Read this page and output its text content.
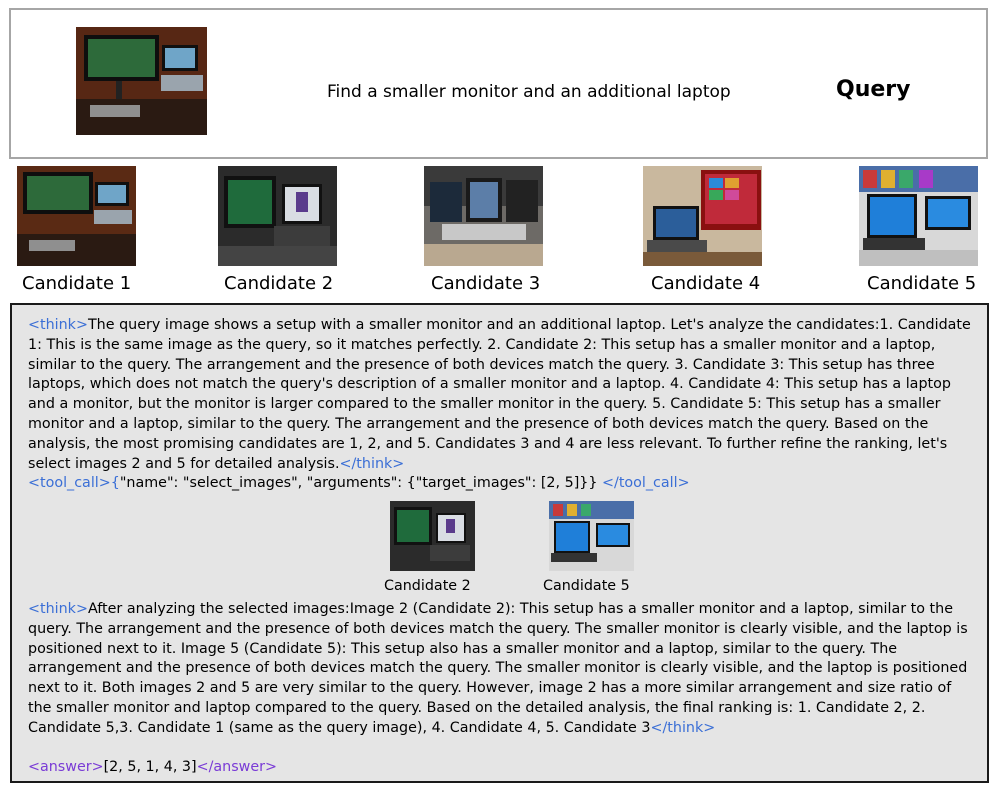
Find a smaller monitor and an additional laptop	Query
Candidate 1	Candidate 2	Candidate 3	Candidate 4	Candidate 5

<think>The query image shows a setup with a smaller monitor and an additional laptop. Let's analyze the candidates:1. Candidate 1: This is the same image as the query, so it matches perfectly. 2. Candidate 2: This setup has a smaller monitor and a laptop, similar to the query. The arrangement and the presence of both devices match the query. 3. Candidate 3: This setup has three laptops, which does not match the query's description of a smaller monitor and a laptop. 4. Candidate 4: This setup has a laptop and a monitor, but the monitor is larger compared to the smaller monitor in the query. 5. Candidate 5: This setup has a smaller monitor and a laptop, similar to the query. The arrangement and the presence of both devices match the query. Based on the analysis, the most promising candidates are 1, 2, and 5. Candidates 3 and 4 are less relevant. To further refine the ranking, let's select images 2 and 5 for detailed analysis.</think>

<tool_call>{"name": "select_images", "arguments": {"target_images": [2, 5]}} </tool_call>

Candidate 2	Candidate 5

<think>After analyzing the selected images:Image 2 (Candidate 2): This setup has a smaller monitor and a laptop, similar to the query. The arrangement and the presence of both devices match the query. The smaller monitor is clearly visible, and the laptop is positioned next to it. Image 5 (Candidate 5): This setup also has a smaller monitor and a laptop, similar to the query. The arrangement and the presence of both devices match the query. The smaller monitor is clearly visible, and the laptop is positioned next to it. Both images 2 and 5 are very similar to the query. However, image 2 has a more similar arrangement and size ratio of the smaller monitor and laptop compared to the query. Based on the detailed analysis, the final ranking is: 1. Candidate 2, 2. Candidate 5,3. Candidate 1 (same as the query image), 4. Candidate 4, 5. Candidate 3</think>

<answer>[2, 5, 1, 4, 3]</answer>
